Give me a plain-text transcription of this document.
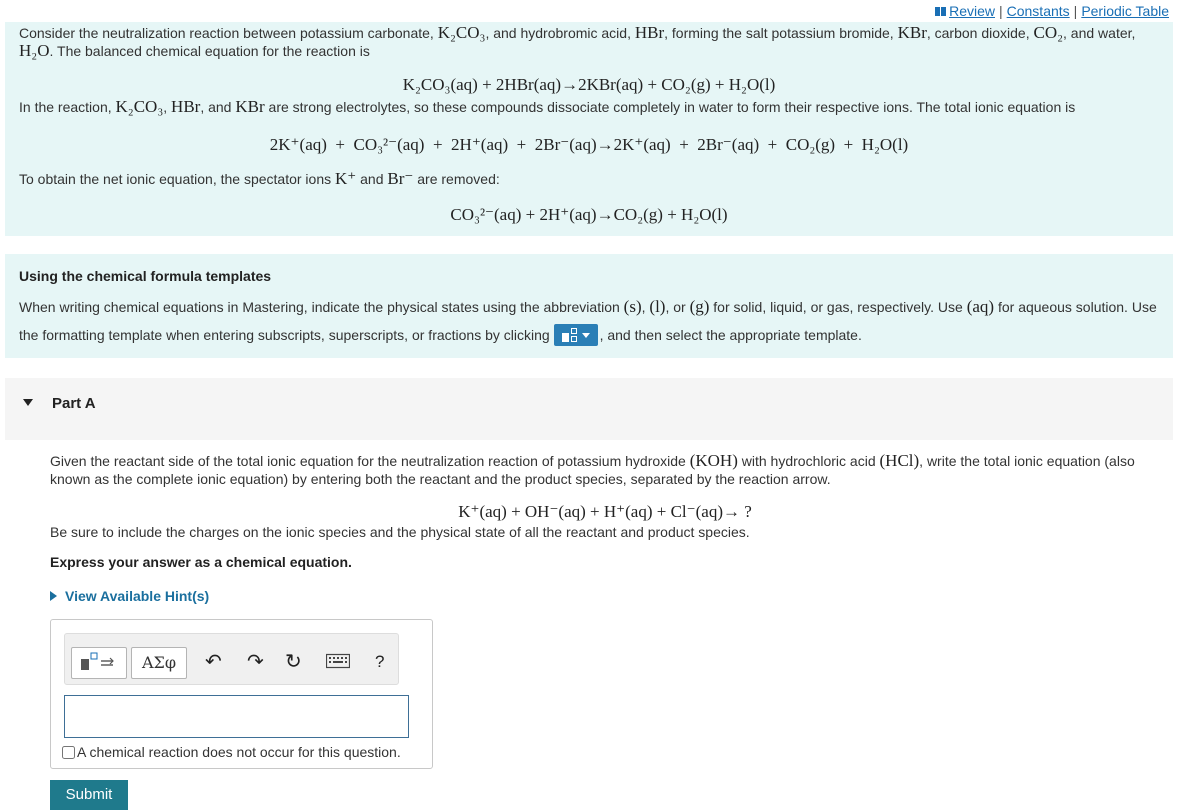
Review | Constants | Periodic Table

Consider the neutralization reaction between potassium carbonate, K₂CO₃, and hydrobromic acid, HBr, forming the salt potassium bromide, KBr, carbon dioxide, CO₂, and water, H₂O. The balanced chemical equation for the reaction is

K₂CO₃(aq) + 2HBr(aq)→2KBr(aq) + CO₂(g) + H₂O(l)

In the reaction, K₂CO₃, HBr, and KBr are strong electrolytes, so these compounds dissociate completely in water to form their respective ions. The total ionic equation is

2K⁺(aq)  +  CO₃²⁻(aq)  +  2H⁺(aq)  +  2Br⁻(aq)→2K⁺(aq)  +  2Br⁻(aq)  +  CO₂(g)  +  H₂O(l)

To obtain the net ionic equation, the spectator ions K⁺ and Br⁻ are removed:

CO₃²⁻(aq) + 2H⁺(aq)→CO₂(g) + H₂O(l)

Using the chemical formula templates

When writing chemical equations in Mastering, indicate the physical states using the abbreviation (s), (l), or (g) for solid, liquid, or gas, respectively. Use (aq) for aqueous solution. Use the formatting template when entering subscripts, superscripts, or fractions by clicking	, and then select the appropriate template.

Part A

Given the reactant side of the total ionic equation for the neutralization reaction of potassium hydroxide (KOH) with hydrochloric acid (HCl), write the total ionic equation (also known as the complete ionic equation) by entering both the reactant and the product species, separated by the reaction arrow.

K⁺(aq) + OH⁻(aq) + H⁺(aq) + Cl⁻(aq)→ ?

Be sure to include the charges on the ionic species and the physical state of all the reactant and product species.

Express your answer as a chemical equation.

View Available Hint(s)

AΣφ	↶ ↷ ↻	?
A chemical reaction does not occur for this question.
Submit
